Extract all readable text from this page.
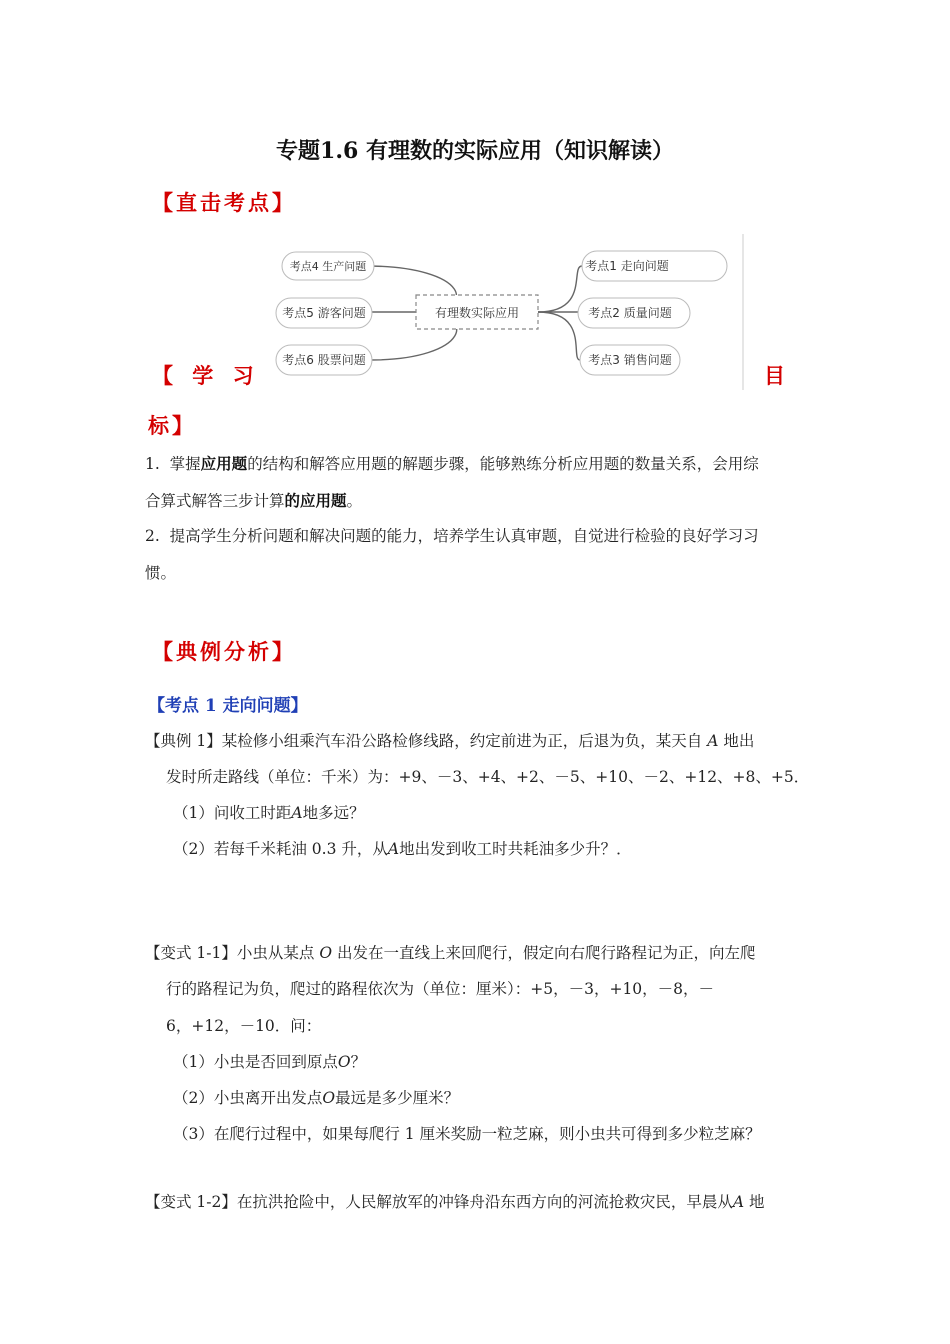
专题1.6 有理数的实际应用（知识解读）
【直击考点】
有理数实际应用
考点4 生产问题
考点5 游客问题
考点6 股票问题
考点1 走向问题
考点2 质量问题
考点3 销售问题
【 学 习	目
标】
1. 掌握应用题的结构和解答应用题的解题步骤，能够熟练分析应用题的数量关系，会用综
合算式解答三步计算的应用题。
2. 提高学生分析问题和解决问题的能力，培养学生认真审题，自觉进行检验的良好学习习
惯。
【典例分析】
【考点 1 走向问题】
【典例 1】某检修小组乘汽车沿公路检修线路，约定前进为正，后退为负，某天自 A 地出
发时所走路线（单位：千米）为：+9、－3、+4、+2、－5、+10、－2、+12、+8、+5．
（1）问收工时距A地多远？
（2）若每千米耗油 0.3 升，从A地出发到收工时共耗油多少升？．
【变式 1-1】小虫从某点 O 出发在一直线上来回爬行，假定向右爬行路程记为正，向左爬
行的路程记为负，爬过的路程依次为（单位：厘米）：+5，－3，+10，－8，－
6，+12，－10．问：
（1）小虫是否回到原点O？
（2）小虫离开出发点O最远是多少厘米？
（3）在爬行过程中，如果每爬行 1 厘米奖励一粒芝麻，则小虫共可得到多少粒芝麻？
【变式 1-2】在抗洪抢险中，人民解放军的冲锋舟沿东西方向的河流抢救灾民，早晨从A 地
